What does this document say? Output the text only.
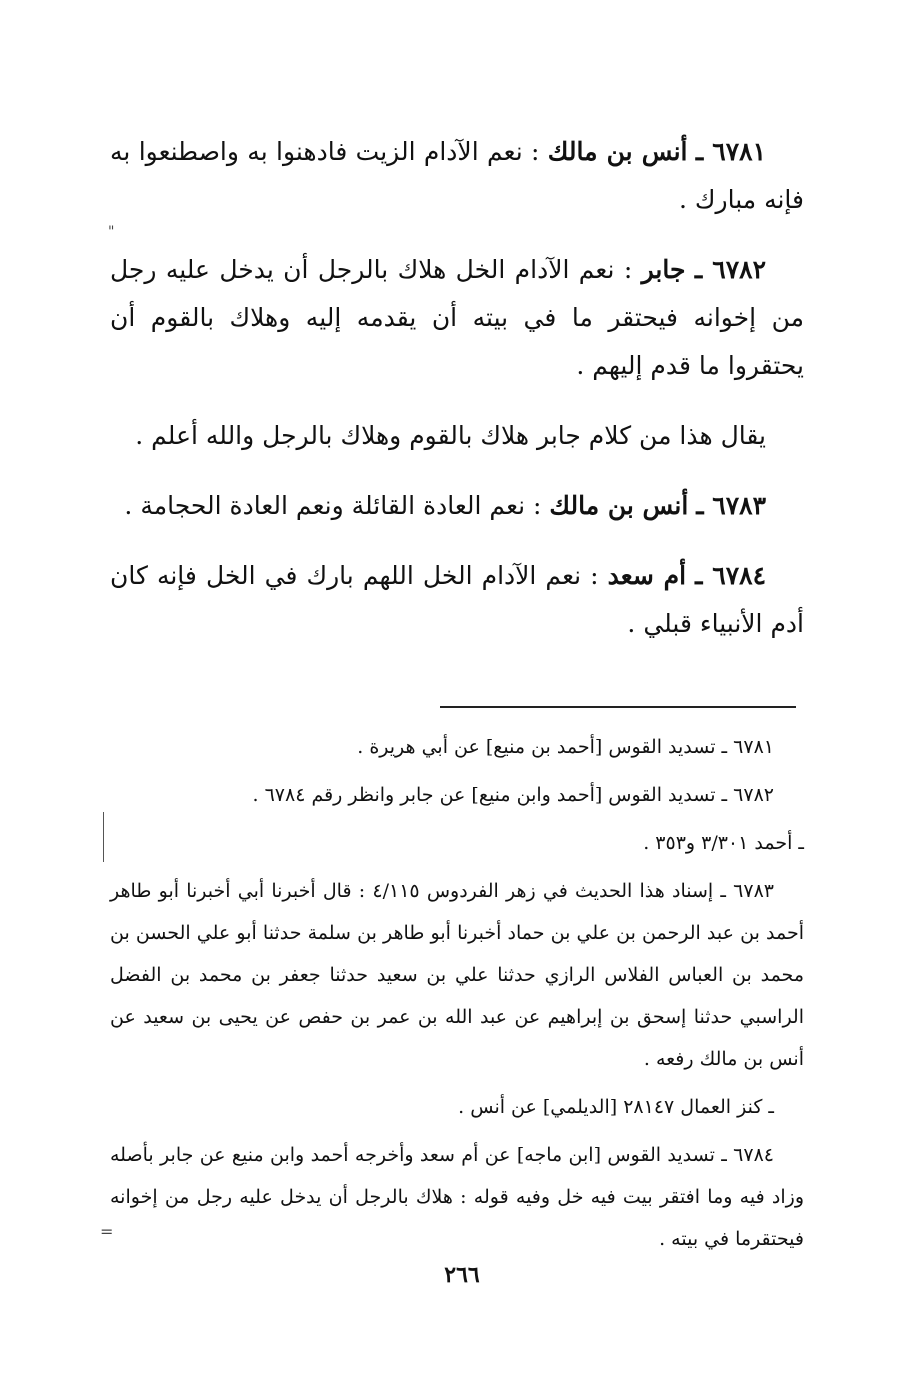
"

٦٧٨١ ـ أنس بن مالك : نعم الآدام الزيت فادهنوا به واصطنعوا به فإنه مبارك .

٦٧٨٢ ـ جابر : نعم الآدام الخل هلاك بالرجل أن يدخل عليه رجل من إخوانه فيحتقر ما في بيته أن يقدمه إليه وهلاك بالقوم أن يحتقروا ما قدم إليهم .

يقال هذا من كلام جابر هلاك بالقوم وهلاك بالرجل والله أعلم .

٦٧٨٣ ـ أنس بن مالك : نعم العادة القائلة ونعم العادة الحجامة .

٦٧٨٤ ـ أم سعد : نعم الآدام الخل اللهم بارك في الخل فإنه كان أدم الأنبياء قبلي .

٦٧٨١ ـ تسديد القوس [أحمد بن منيع] عن أبي هريرة .

٦٧٨٢ ـ تسديد القوس [أحمد وابن منيع] عن جابر وانظر رقم ٦٧٨٤ .

ـ أحمد ٣/٣٠١ و٣٥٣ .

٦٧٨٣ ـ إسناد هذا الحديث في زهر الفردوس ٤/١١٥ : قال أخبرنا أبي أخبرنا أبو طاهر أحمد بن عبد الرحمن بن علي بن حماد أخبرنا أبو طاهر بن سلمة حدثنا أبو علي الحسن بن محمد بن العباس الفلاس الرازي حدثنا علي بن سعيد حدثنا جعفر بن محمد بن الفضل الراسبي حدثنا إسحق بن إبراهيم عن عبد الله بن عمر بن حفص عن يحيى بن سعيد عن أنس بن مالك رفعه .

ـ كنز العمال ٢٨١٤٧ [الديلمي] عن أنس .

٦٧٨٤ ـ تسديد القوس [ابن ماجه] عن أم سعد وأخرجه أحمد وابن منيع عن جابر بأصله وزاد فيه وما افتقر بيت فيه خل وفيه قوله : هلاك بالرجل أن يدخل عليه رجل من إخوانه فيحتقرما في بيته .

=
٢٦٦
